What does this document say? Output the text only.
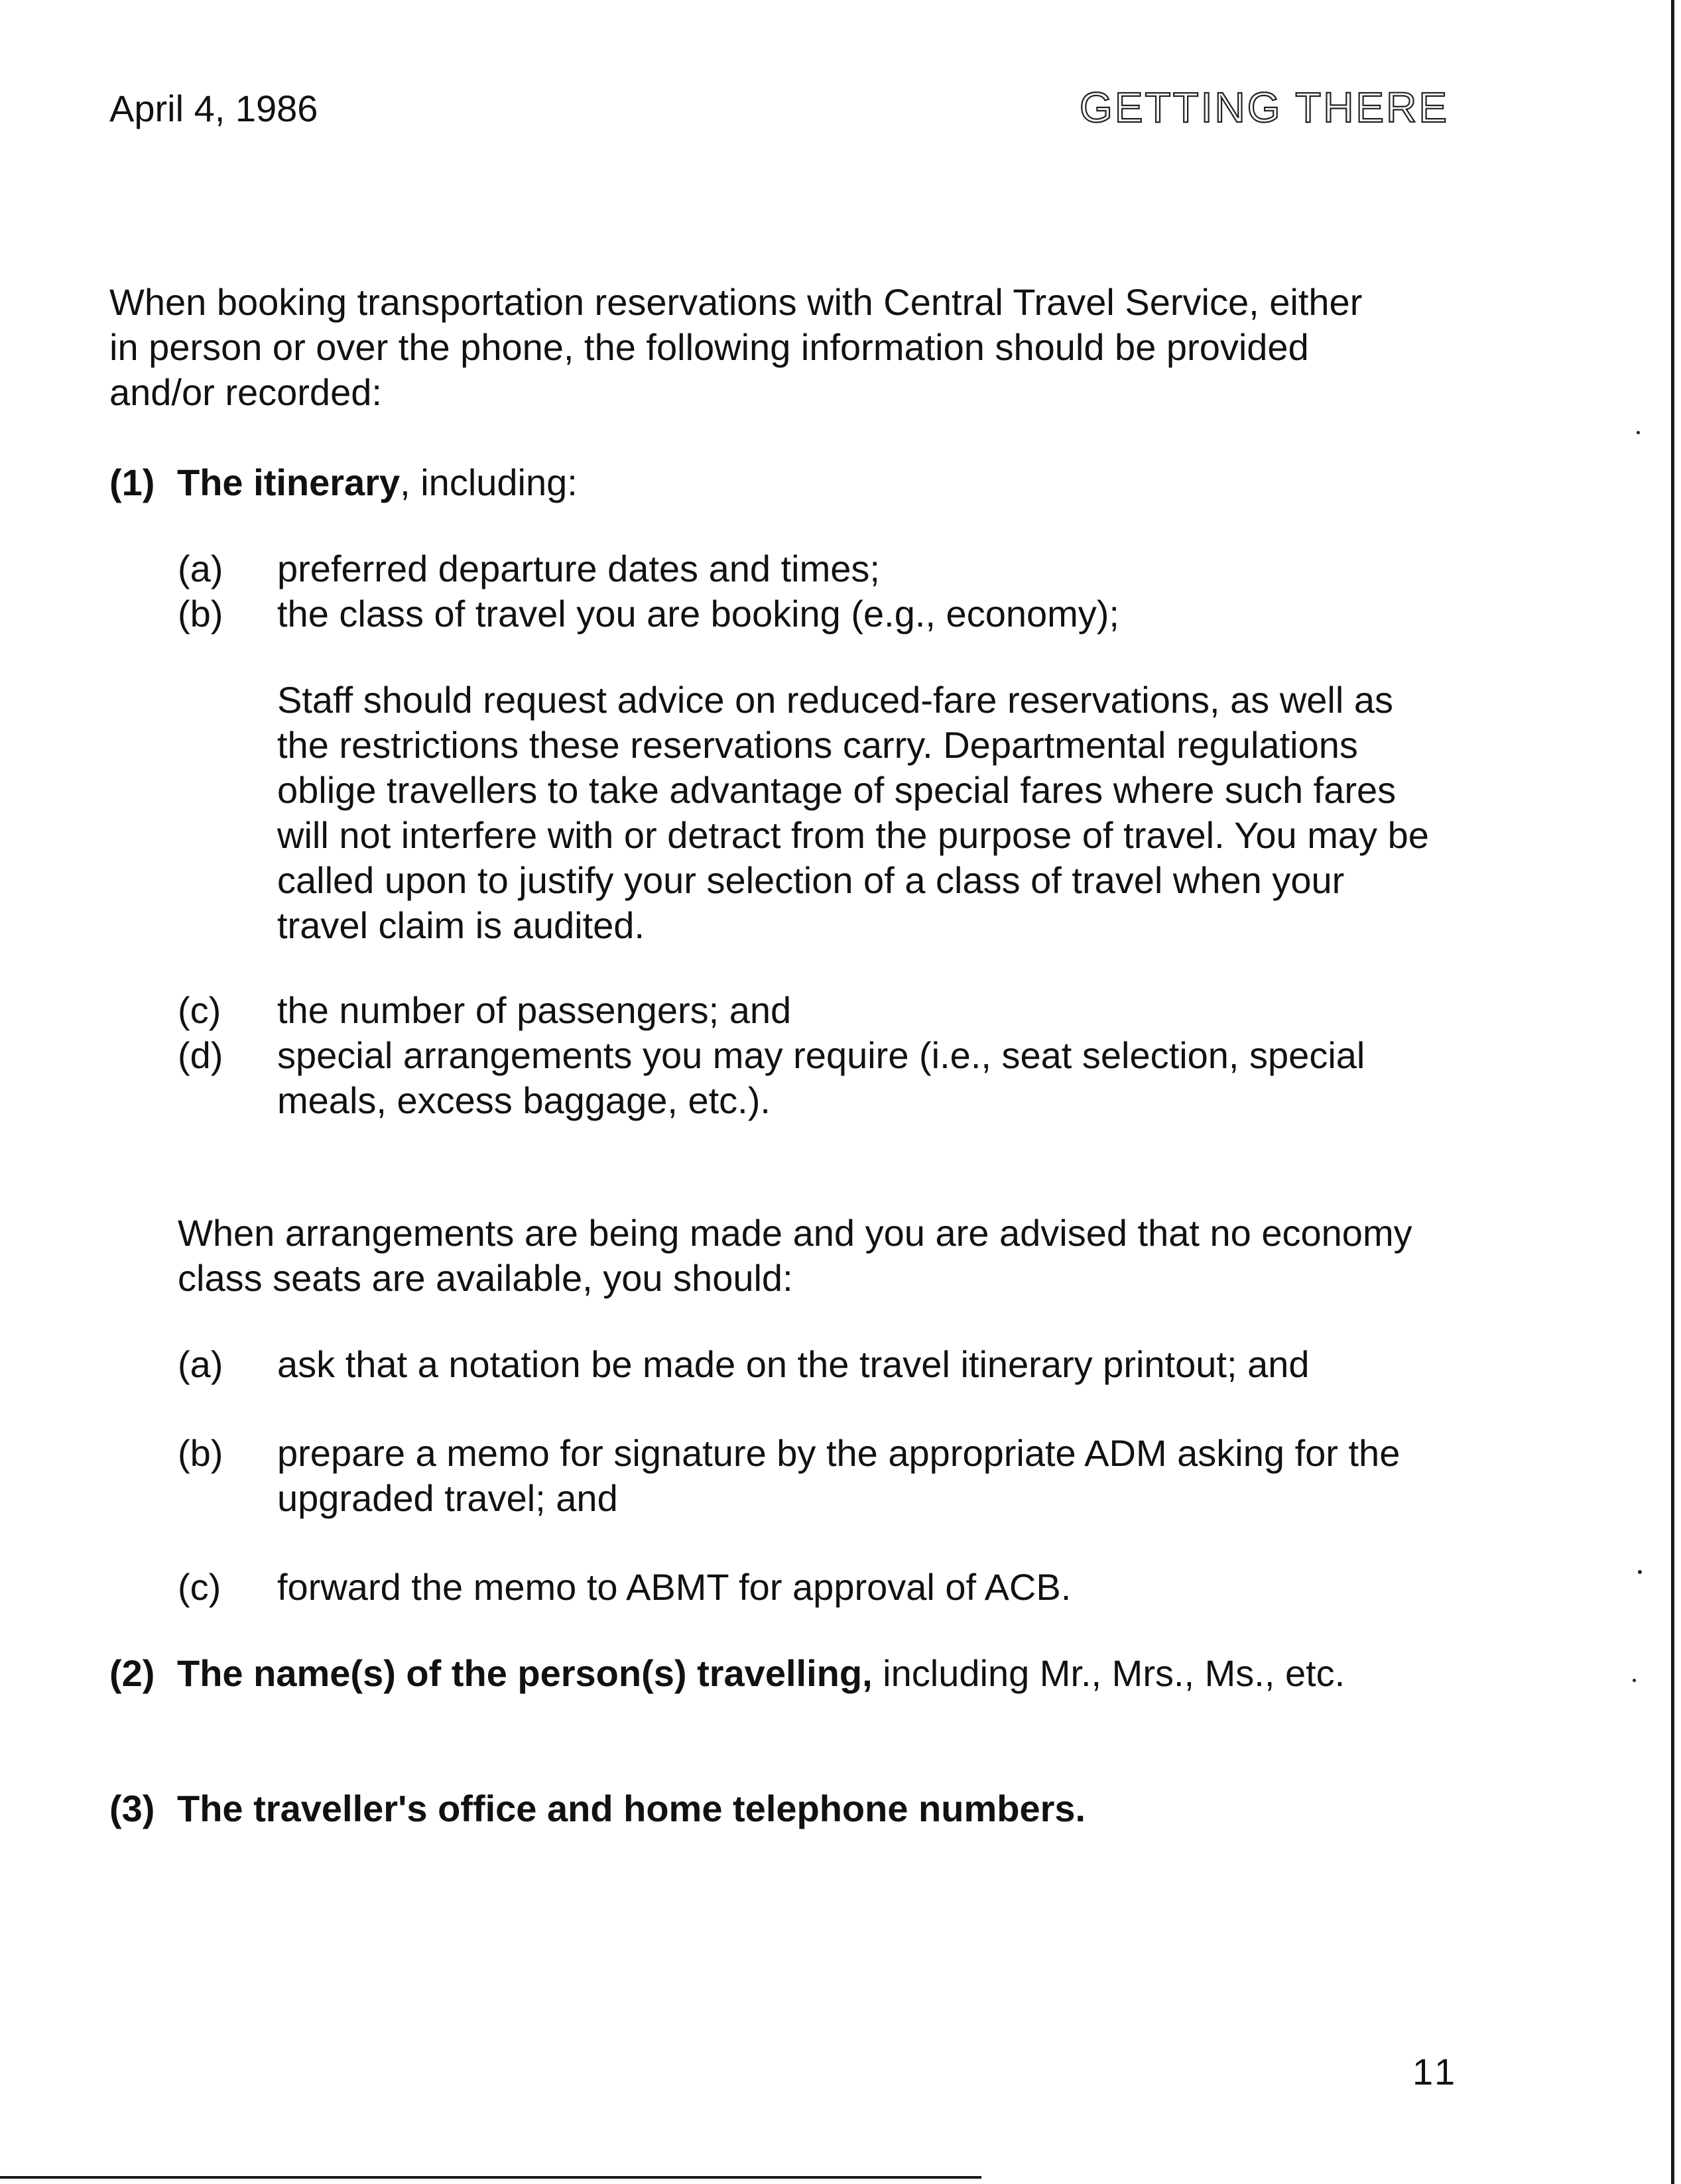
April 4, 1986	GETTING THERE
When booking transportation reservations with Central Travel Service, either in person or over the phone, the following information should be provided and/or recorded:
(1) The itinerary, including:
(a) preferred departure dates and times;
(b) the class of travel you are booking (e.g., economy);
Staff should request advice on reduced-fare reservations, as well as the restrictions these reservations carry. Departmental regulations oblige travellers to take advantage of special fares where such fares will not interfere with or detract from the purpose of travel. You may be called upon to justify your selection of a class of travel when your travel claim is audited.
(c) the number of passengers; and
(d) special arrangements you may require (i.e., seat selection, special meals, excess baggage, etc.).
When arrangements are being made and you are advised that no economy class seats are available, you should:
(a) ask that a notation be made on the travel itinerary printout; and
(b) prepare a memo for signature by the appropriate ADM asking for the upgraded travel; and
(c) forward the memo to ABMT for approval of ACB.
(2) The name(s) of the person(s) travelling, including Mr., Mrs., Ms., etc.
(3) The traveller's office and home telephone numbers.
11
